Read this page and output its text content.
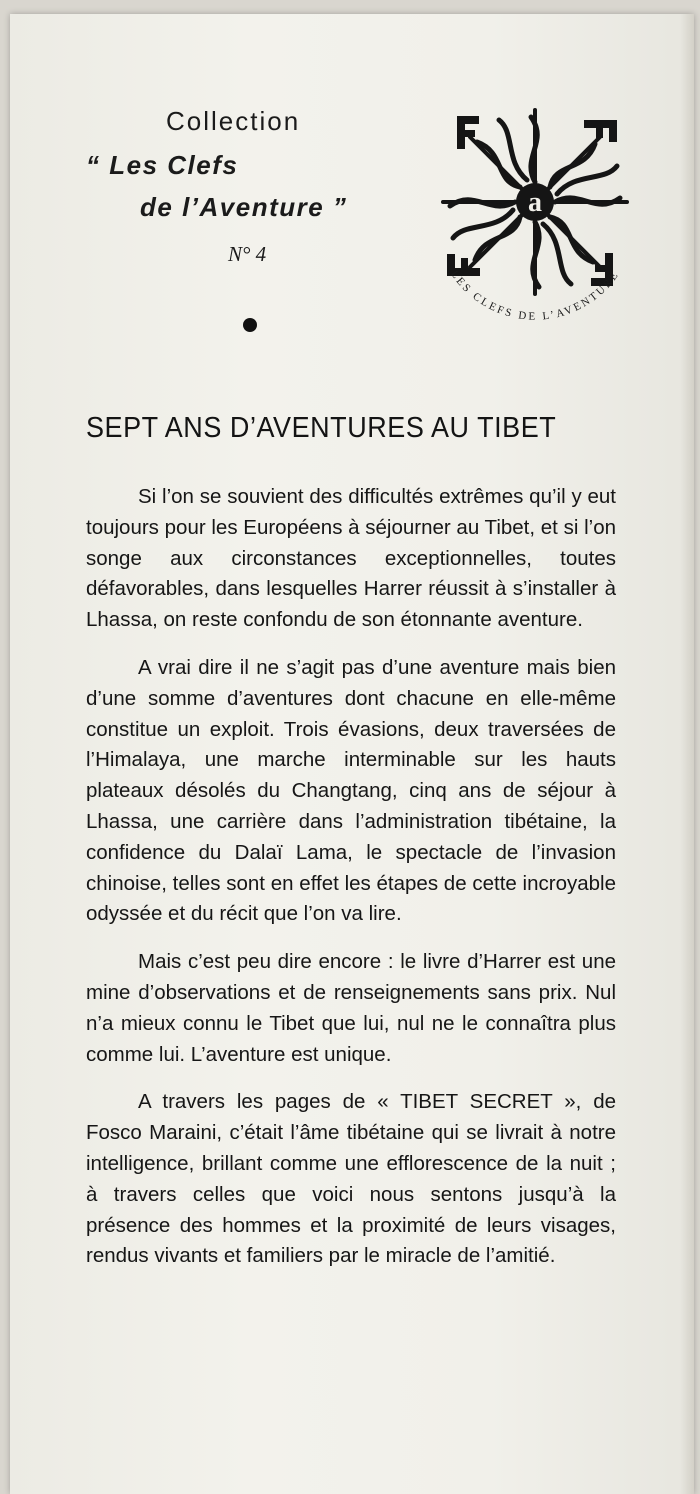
Collection
“ Les Clefs
de l’Aventure ”
N° 4
a
LES CLEFS DE L’AVENTURE
SEPT ANS D’AVENTURES AU TIBET

Si l’on se souvient des difficultés extrêmes qu’il y eut toujours pour les Européens à séjourner au Tibet, et si l’on songe aux circonstances exceptionnelles, toutes défavorables, dans lesquelles Harrer réussit à s’installer à Lhassa, on reste confondu de son étonnante aventure.

A vrai dire il ne s’agit pas d’une aventure mais bien d’une somme d’aventures dont chacune en elle-même constitue un exploit. Trois évasions, deux traversées de l’Himalaya, une marche interminable sur les hauts plateaux désolés du Changtang, cinq ans de séjour à Lhassa, une carrière dans l’administration tibétaine, la confidence du Dalaï Lama, le spectacle de l’invasion chinoise, telles sont en effet les étapes de cette incroyable odyssée et du récit que l’on va lire.

Mais c’est peu dire encore : le livre d’Harrer est une mine d’observations et de renseignements sans prix. Nul n’a mieux connu le Tibet que lui, nul ne le connaîtra plus comme lui. L’aventure est unique.

A travers les pages de « TIBET SECRET », de Fosco Maraini, c’était l’âme tibétaine qui se livrait à notre intelligence, brillant comme une efflorescence de la nuit ; à travers celles que voici nous sentons jusqu’à la présence des hommes et la proximité de leurs visages, rendus vivants et familiers par le miracle de l’amitié.
